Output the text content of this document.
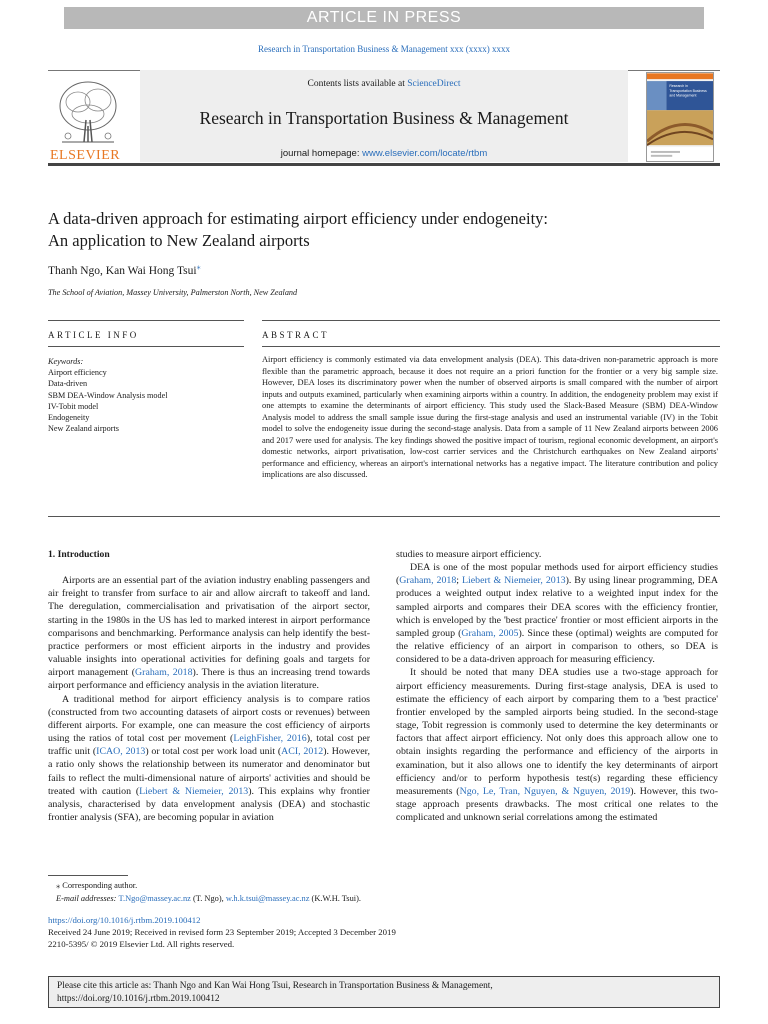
ARTICLE IN PRESS
Research in Transportation Business & Management xxx (xxxx) xxxx
ELSEVIER
Contents lists available at ScienceDirect
Research in Transportation Business & Management
journal homepage: www.elsevier.com/locate/rtbm
Research in
Transportation Business
and Management
A data-driven approach for estimating airport efficiency under endogeneity:
An application to New Zealand airports
Thanh Ngo, Kan Wai Hong Tsui⁎
The School of Aviation, Massey University, Palmerston North, New Zealand
ARTICLE INFO	ABSTRACT
Keywords:
Airport efficiency
Data-driven
SBM DEA-Window Analysis model
IV-Tobit model
Endogeneity
New Zealand airports
Airport efficiency is commonly estimated via data envelopment analysis (DEA). This data-driven non-parametric approach is more flexible than the parametric approach, because it does not require an a priori function for the frontier or a very big sample size. However, DEA loses its discriminatory power when the number of observed airports is small compared with the number of airport inputs and outputs examined, particularly when examining airports within a country. In addition, the endogeneity problem may exist if one attempts to examine the determinants of airport efficiency. This study used the Slack-Based Measure (SBM) DEA-Window Analysis model to address the small sample issue during the first-stage analysis and used an instrumental variable (IV) in the Tobit model to solve the endogeneity issue during the second-stage analysis. Data from a sample of 11 New Zealand airports between 2006 and 2017 were used for analysis. The key findings showed the positive impact of tourism, regional economic development, an airport's domestic networks, airport privatisation, low-cost carrier services and the Christchurch earthquakes on New Zealand airports' performance and efficiency, whereas an airport's international networks has a negative impact. The literature contribution and policy implications are also discussed.
1. Introduction

Airports are an essential part of the aviation industry enabling passengers and air freight to transfer from surface to air and allow aircraft to takeoff and land. The deregulation, commercialisation and privatisation of the airport sector, starting in the 1980s in the US has led to marked interest in airport performance comparisons and benchmarking. Performance analysis can help identify the best-practice performers or most efficient airports in the industry and provides valuable insights into operational activities for defining goals and targets for airport management (Graham, 2018). There is thus an increasing trend towards airport performance and efficiency analysis in the aviation literature.

A traditional method for airport efficiency analysis is to compare ratios (constructed from two accounting datasets of airport costs or revenues) between different airports. For example, one can measure the cost efficiency of airports using the ratios of total cost per movement (LeighFisher, 2016), total cost per traffic unit (ICAO, 2013) or total cost per work load unit (ACI, 2012). However, a ratio only shows the relationship between its numerator and denominator but fails to reflect the multi-dimensional nature of airports' activities and should be treated with caution (Liebert & Niemeier, 2013). This explains why frontier analysis, characterised by data envelopment analysis (DEA) and stochastic frontier analysis (SFA), are becoming popular in aviation

studies to measure airport efficiency.

DEA is one of the most popular methods used for airport efficiency studies (Graham, 2018; Liebert & Niemeier, 2013). By using linear programming, DEA produces a weighted output index relative to a weighted input index for the sampled airports and compares their DEA scores with the efficiency frontier, which is enveloped by the 'best practice' frontier or most efficient airports in the sampled group (Graham, 2005). Since these (optimal) weights are computed for the relative efficiency of an airport in comparison to others, so DEA is considered to be a data-driven approach for measuring efficiency.

It should be noted that many DEA studies use a two-stage approach for airport efficiency measurements. During first-stage analysis, DEA is used to estimate the efficiency of each airport by comparing them to a 'best practice' frontier enveloped by the sampled airports being studied. In the second-stage stage, Tobit regression is commonly used to determine the key determinants or factors that affect airport efficiency. Not only does this approach allow one to obtain insights regarding the performance and efficiency of the airports in examination, but it also allows one to identify the key determinants of airport efficiency and/or to perform hypothesis test(s) regarding these efficiency measurements (Ngo, Le, Tran, Nguyen, & Nguyen, 2019). However, this two-stage approach presents drawbacks. The most critical one relates to the complicated and unknown serial correlations among the estimated

⁎ Corresponding author.
E-mail addresses: T.Ngo@massey.ac.nz (T. Ngo), w.h.k.tsui@massey.ac.nz (K.W.H. Tsui).
https://doi.org/10.1016/j.rtbm.2019.100412
Received 24 June 2019; Received in revised form 23 September 2019; Accepted 3 December 2019
2210-5395/ © 2019 Elsevier Ltd. All rights reserved.
Please cite this article as: Thanh Ngo and Kan Wai Hong Tsui, Research in Transportation Business & Management,
https://doi.org/10.1016/j.rtbm.2019.100412
